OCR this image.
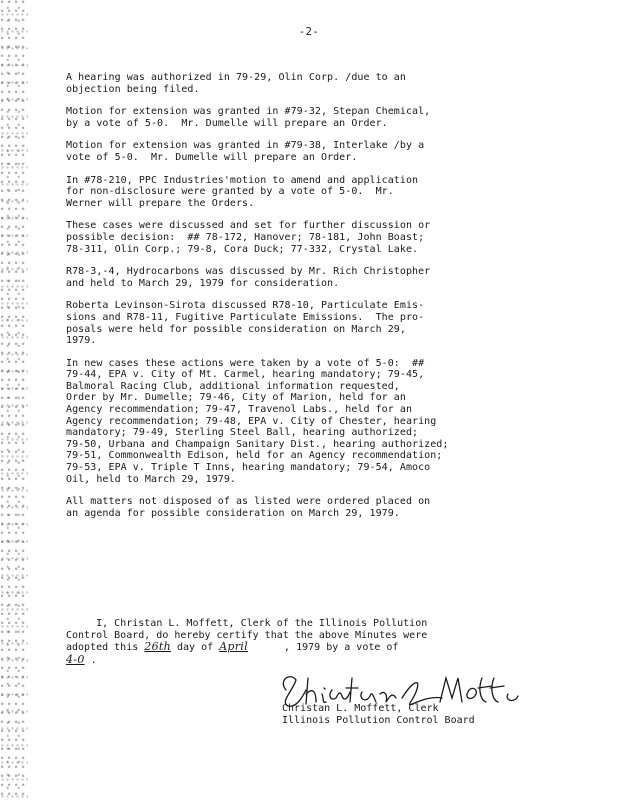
-2-

A hearing was authorized in 79-29, Olin Corp. /due to an
objection being filed.

Motion for extension was granted in #79-32, Stepan Chemical,
by a vote of 5-0.  Mr. Dumelle will prepare an Order.

Motion for extension was granted in #79-38, Interlake /by a
vote of 5-0.  Mr. Dumelle will prepare an Order.

In #78-210, PPC Industries'motion to amend and application
for non-disclosure were granted by a vote of 5-0.  Mr.
Werner will prepare the Orders.

These cases were discussed and set for further discussion or
possible decision:  ## 78-172, Hanover; 78-181, John Boast;
78-311, Olin Corp.; 79-8, Cora Duck; 77-332, Crystal Lake.

R78-3,-4, Hydrocarbons was discussed by Mr. Rich Christopher
and held to March 29, 1979 for consideration.

Roberta Levinson-Sirota discussed R78-10, Particulate Emis-
sions and R78-11, Fugitive Particulate Emissions.  The pro-
posals were held for possible consideration on March 29,
1979.

In new cases these actions were taken by a vote of 5-0:  ##
79-44, EPA v. City of Mt. Carmel, hearing mandatory; 79-45,
Balmoral Racing Club, additional information requested,
Order by Mr. Dumelle; 79-46, City of Marion, held for an
Agency recommendation; 79-47, Travenol Labs., held for an
Agency recommendation; 79-48, EPA v. City of Chester, hearing
mandatory; 79-49, Sterling Steel Ball, hearing authorized;
79-50, Urbana and Champaign Sanitary Dist., hearing authorized;
79-51, Commonwealth Edison, held for an Agency recommendation;
79-53, EPA v. Triple T Inns, hearing mandatory; 79-54, Amoco
Oil, held to March 29, 1979.

All matters not disposed of as listed were ordered placed on
an agenda for possible consideration on March 29, 1979.

I, Christan L. Moffett, Clerk of the Illinois Pollution
Control Board, do hereby certify that the above Minutes were
adopted this 26th day of April      , 1979 by a vote of
4-0 .
Christan L. Moffett, Clerk
Illinois Pollution Control Board
